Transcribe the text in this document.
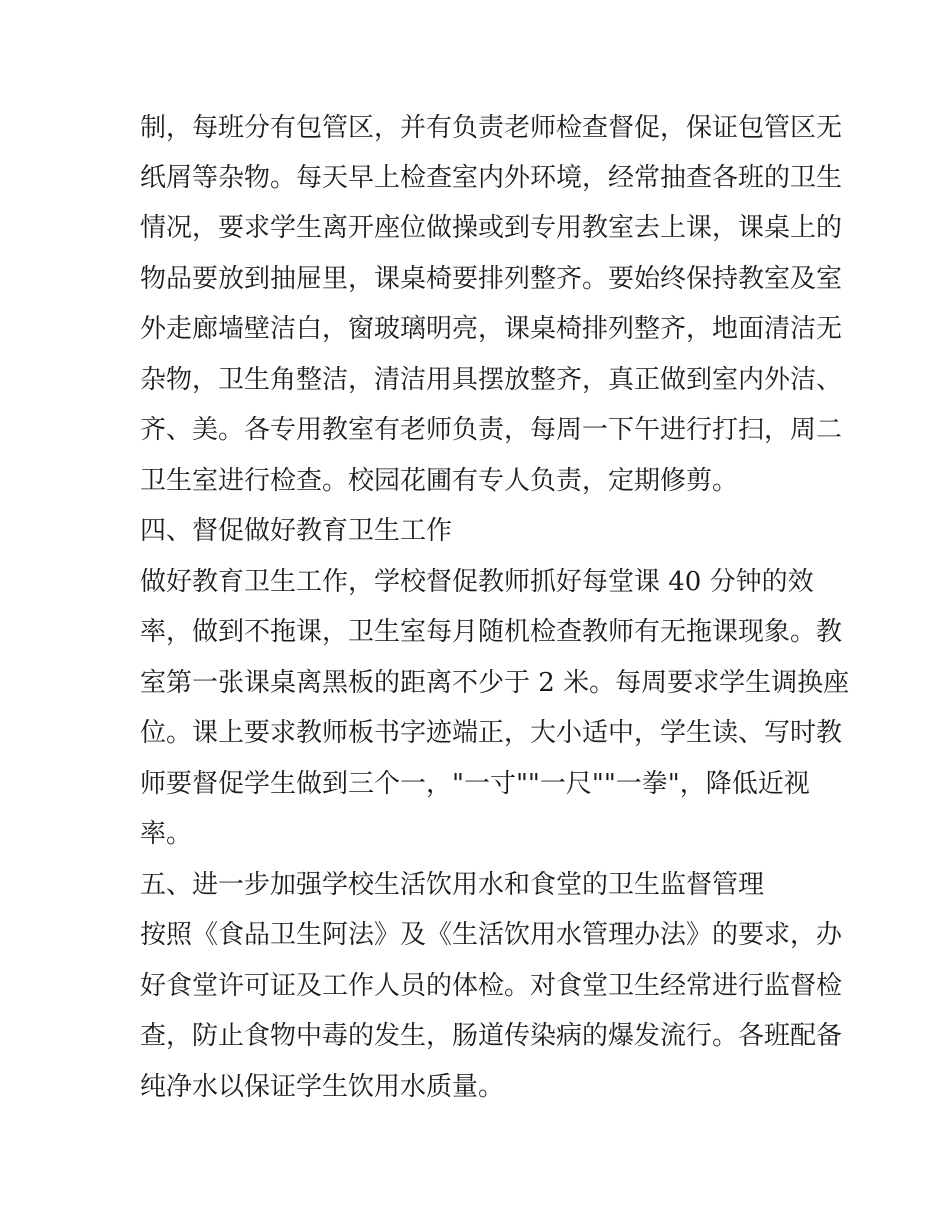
制，每班分有包管区，并有负责老师检查督促，保证包管区无
纸屑等杂物。每天早上检查室内外环境，经常抽查各班的卫生
情况，要求学生离开座位做操或到专用教室去上课，课桌上的
物品要放到抽屉里，课桌椅要排列整齐。要始终保持教室及室
外走廊墙壁洁白，窗玻璃明亮，课桌椅排列整齐，地面清洁无
杂物，卫生角整洁，清洁用具摆放整齐，真正做到室内外洁、
齐、美。各专用教室有老师负责，每周一下午进行打扫，周二
卫生室进行检查。校园花圃有专人负责，定期修剪。
四、督促做好教育卫生工作
做好教育卫生工作，学校督促教师抓好每堂课 40 分钟的效
率，做到不拖课，卫生室每月随机检查教师有无拖课现象。教
室第一张课桌离黑板的距离不少于 2 米。每周要求学生调换座
位。课上要求教师板书字迹端正，大小适中，学生读、写时教
师要督促学生做到三个一，"一寸""一尺""一拳"，降低近视
率。
五、进一步加强学校生活饮用水和食堂的卫生监督管理
按照《食品卫生阿法》及《生活饮用水管理办法》的要求，办
好食堂许可证及工作人员的体检。对食堂卫生经常进行监督检
查，防止食物中毒的发生，肠道传染病的爆发流行。各班配备
纯净水以保证学生饮用水质量。
